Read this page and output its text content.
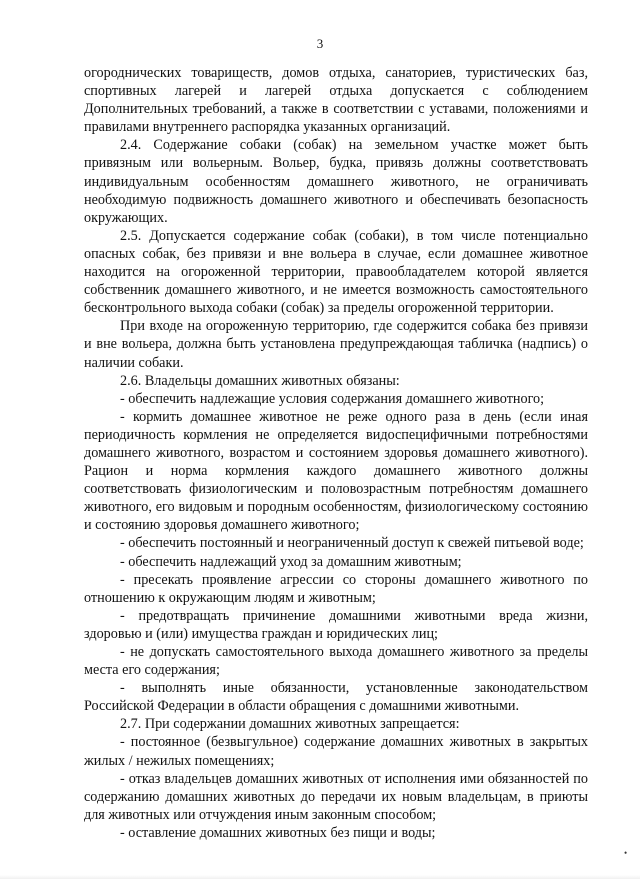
3

огороднических товариществ, домов отдыха, санаториев, туристических баз, спортивных лагерей и лагерей отдыха допускается с соблюдением Дополнительных требований, а также в соответствии с уставами, положениями и правилами внутреннего распорядка указанных организаций.

2.4. Содержание собаки (собак) на земельном участке может быть привязным или вольерным. Вольер, будка, привязь должны соответствовать индивидуальным особенностям домашнего животного, не ограничивать необходимую подвижность домашнего животного и обеспечивать безопасность окружающих.

2.5. Допускается содержание собак (собаки), в том числе потенциально опасных собак, без привязи и вне вольера в случае, если домашнее животное находится на огороженной территории, правообладателем которой является собственник домашнего животного, и не имеется возможность самостоятельного бесконтрольного выхода собаки (собак) за пределы огороженной территории.

При входе на огороженную территорию, где содержится собака без привязи и вне вольера, должна быть установлена предупреждающая табличка (надпись) о наличии собаки.

2.6. Владельцы домашних животных обязаны:

- обеспечить надлежащие условия содержания домашнего животного;

- кормить домашнее животное не реже одного раза в день (если иная периодичность кормления не определяется видоспецифичными потребностями домашнего животного, возрастом и состоянием здоровья домашнего животного). Рацион и норма кормления каждого домашнего животного должны соответствовать физиологическим и половозрастным потребностям домашнего животного, его видовым и породным особенностям, физиологическому состоянию и состоянию здоровья домашнего животного;

- обеспечить постоянный и неограниченный доступ к свежей питьевой воде;

- обеспечить надлежащий уход за домашним животным;

- пресекать проявление агрессии со стороны домашнего животного по отношению к окружающим людям и животным;

- предотвращать причинение домашними животными вреда жизни, здоровью и (или) имущества граждан и юридических лиц;

- не допускать самостоятельного выхода домашнего животного за пределы места его содержания;

- выполнять иные обязанности, установленные законодательством Российской Федерации в области обращения с домашними животными.

2.7. При содержании домашних животных запрещается:

- постоянное (безвыгульное) содержание домашних животных в закрытых жилых / нежилых помещениях;

- отказ владельцев домашних животных от исполнения ими обязанностей по содержанию домашних животных до передачи их новым владельцам, в приюты для животных или отчуждения иным законным способом;

- оставление домашних животных без пищи и воды;

•
